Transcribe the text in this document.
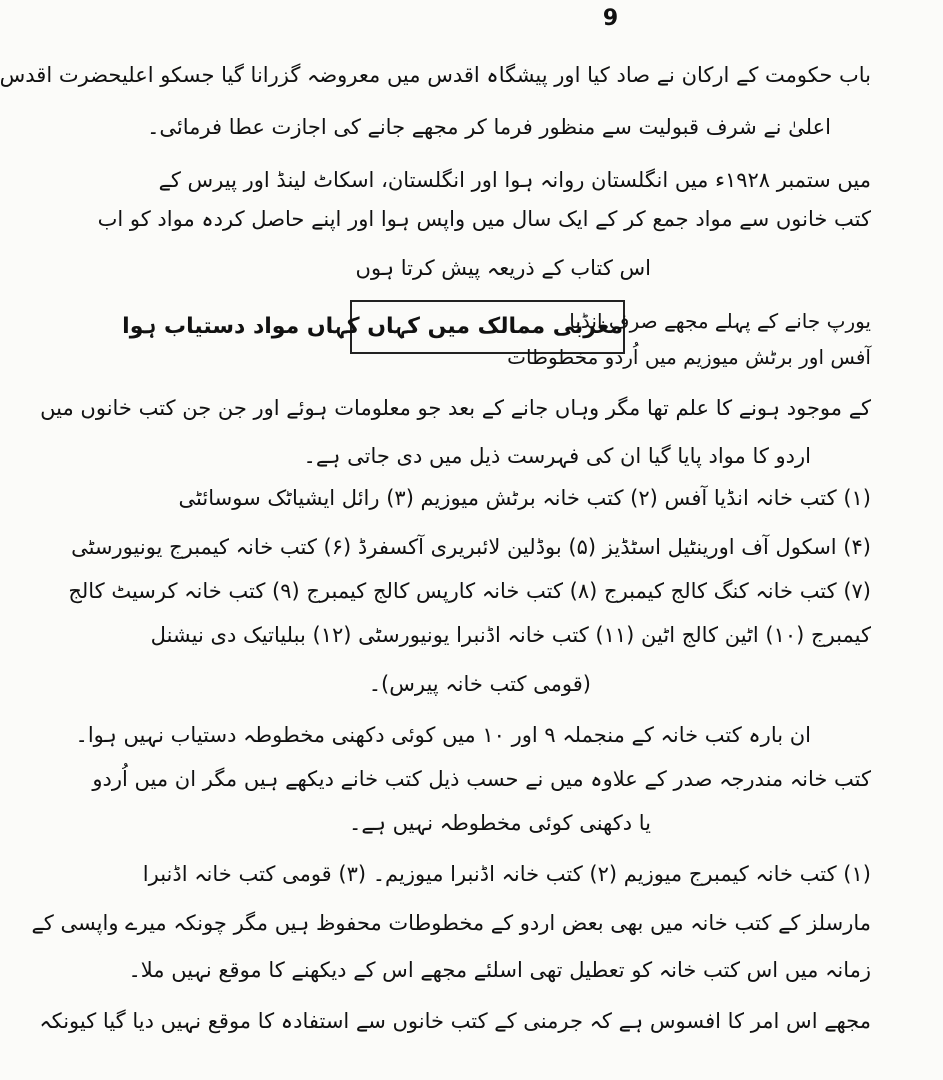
9
باب حکومت کے ارکان نے صاد کیا اور پیشگاہ اقدس میں معروضہ گزرانا گیا جسکو اعلیحضرت اقدس
اعلیٰ نے شرف قبولیت سے منظور فرما کر مجھے جانے کی اجازت عطا فرمائی۔
میں ستمبر ۱۹۲۸ء میں انگلستان روانہ ہوا اور انگلستان، اسکاٹ لینڈ اور پیرس کے
کتب خانوں سے مواد جمع کر کے ایک سال میں واپس ہوا اور اپنے حاصل کردہ مواد کو اب
اس کتاب کے ذریعہ پیش کرتا ہوں
مغربی ممالک میں کہاں کہاں مواد دستیاب ہوا
یورپ جانے کے پہلے مجھے صرف انڈیا
آفس اور برٹش میوزیم میں اُردو مخطوطات
کے موجود ہونے کا علم تھا مگر وہاں جانے کے بعد جو معلومات ہوئے اور جن جن کتب خانوں میں
اردو کا مواد پایا گیا ان کی فہرست ذیل میں دی جاتی ہے۔
(۱) کتب خانہ انڈیا آفس (۲) کتب خانہ برٹش میوزیم (۳) رائل ایشیاٹک سوسائٹی
(۴) اسکول آف اورینٹیل اسٹڈیز (۵) بوڈلین لائبریری آکسفرڈ (۶) کتب خانہ کیمبرج یونیورسٹی
(۷) کتب خانہ کنگ کالج کیمبرج (۸) کتب خانہ کارپس کالج کیمبرج (۹) کتب خانہ کرسیٹ کالج
کیمبرج (۱۰) اٹین کالج اٹین (۱۱) کتب خانہ اڈنبرا یونیورسٹی (۱۲) ببلیاتیک دی نیشنل
(قومی کتب خانہ پیرس)۔
ان بارہ کتب خانہ کے منجملہ ۹ اور ۱۰ میں کوئی دکھنی مخطوطہ دستیاب نہیں ہوا۔
کتب خانہ مندرجہ صدر کے علاوہ میں نے حسب ذیل کتب خانے دیکھے ہیں مگر ان میں اُردو
یا دکھنی کوئی مخطوطہ نہیں ہے۔
(۱) کتب خانہ کیمبرج میوزیم (۲) کتب خانہ اڈنبرا میوزیم۔ (۳) قومی کتب خانہ اڈنبرا
مارسلز کے کتب خانہ میں بھی بعض اردو کے مخطوطات محفوظ ہیں مگر چونکہ میرے واپسی کے
زمانہ میں اس کتب خانہ کو تعطیل تھی اسلئے مجھے اس کے دیکھنے کا موقع نہیں ملا۔
مجھے اس امر کا افسوس ہے کہ جرمنی کے کتب خانوں سے استفادہ کا موقع نہیں دیا گیا کیونکہ
